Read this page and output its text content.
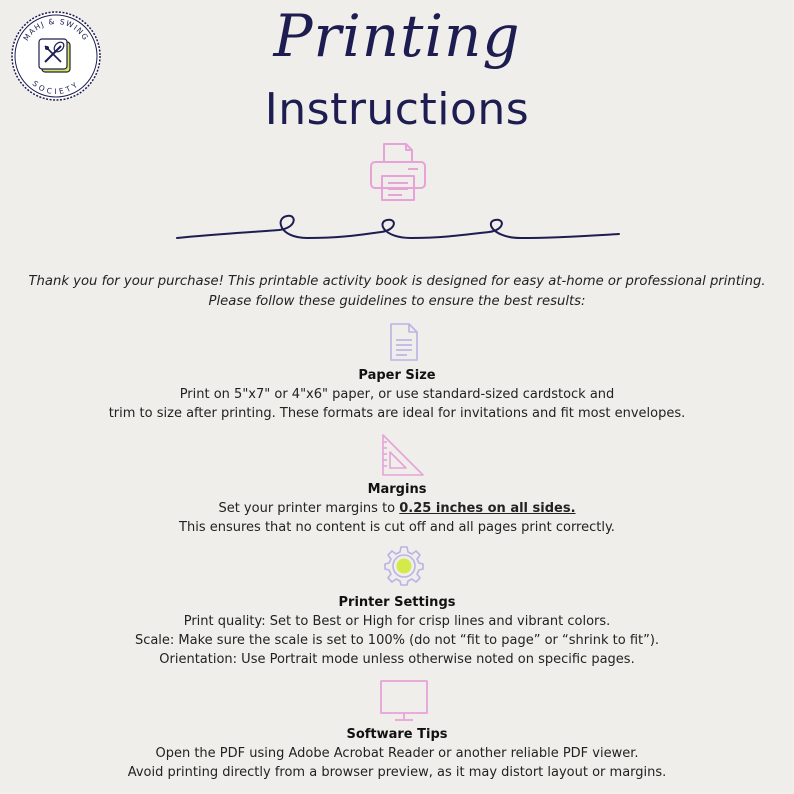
MAHJ & SWING
SOCIETY
Printing
Instructions
Thank you for your purchase! This printable activity book is designed for easy at-home or professional printing.
Please follow these guidelines to ensure the best results:
Paper Size
Print on 5"x7" or 4"x6" paper, or use standard-sized cardstock and
trim to size after printing. These formats are ideal for invitations and fit most envelopes.
Margins
Set your printer margins to 0.25 inches on all sides.
This ensures that no content is cut off and all pages print correctly.
Printer Settings
Print quality: Set to Best or High for crisp lines and vibrant colors.
Scale: Make sure the scale is set to 100% (do not “fit to page” or “shrink to fit”).
Orientation: Use Portrait mode unless otherwise noted on specific pages.
Software Tips
Open the PDF using Adobe Acrobat Reader or another reliable PDF viewer.
Avoid printing directly from a browser preview, as it may distort layout or margins.
